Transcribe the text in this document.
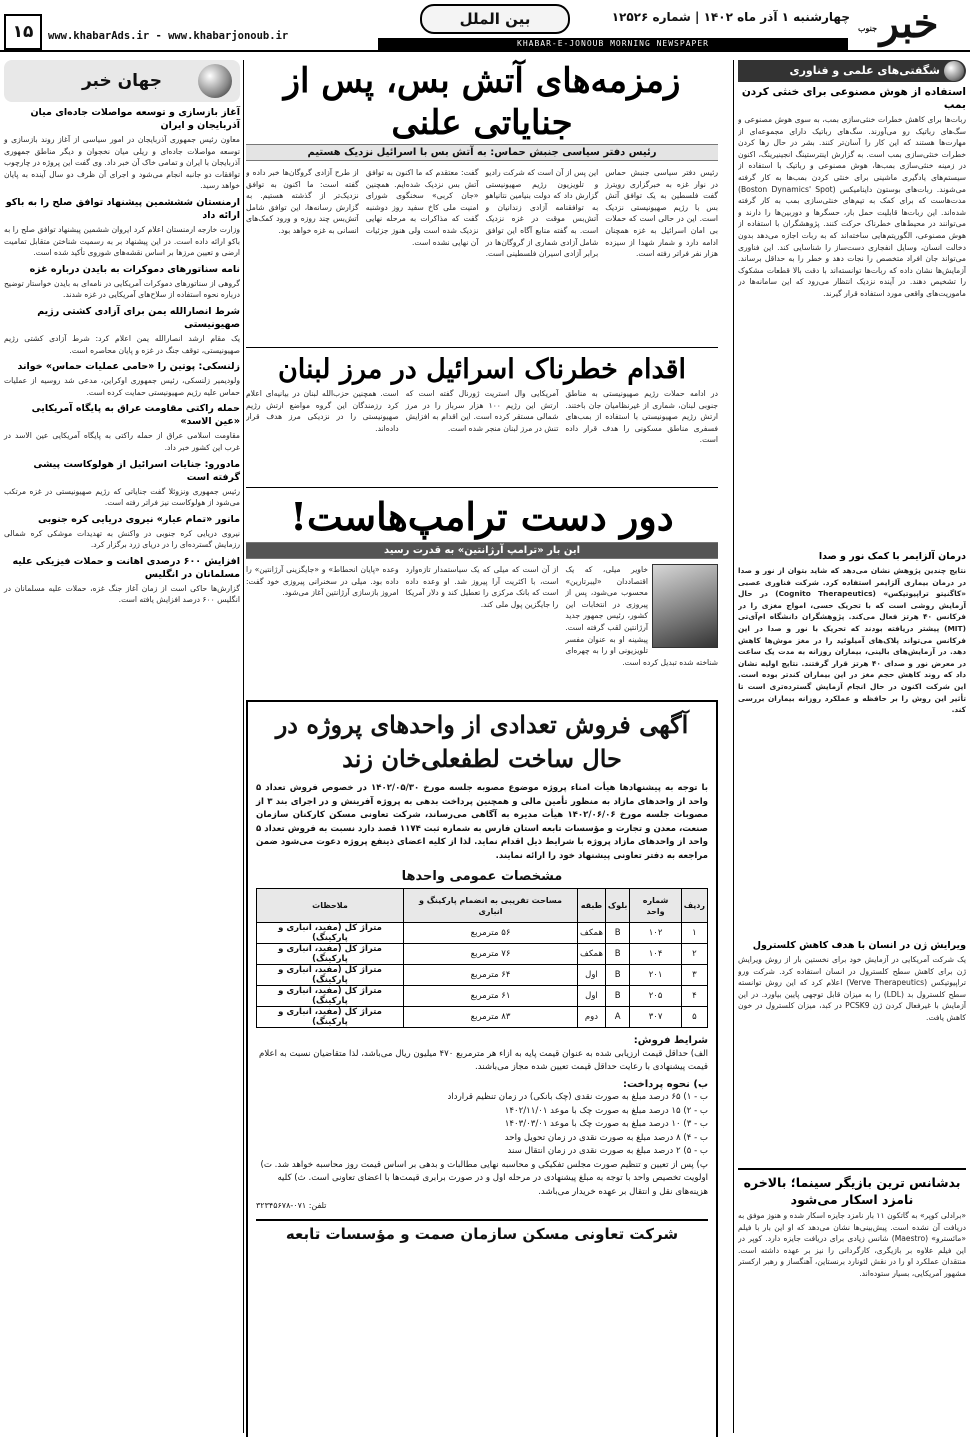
خبر
جنوب
چهارشنبه ۱ آذر ماه ۱۴۰۲ | شماره ۱۲۵۲۶
KHABAR-E-JONOUB MORNING NEWSPAPER
بین الملل
www.khabarAds.ir - www.khabarjonoub.ir
۱۵
شگفتی‌های علمی و فناوری
استفاده از هوش مصنوعی برای خنثی کردن بمب
ربات‌ها برای کاهش خطرات خنثی‌سازی بمب، به سوی هوش مصنوعی و سگ‌های رباتیک رو می‌آورند. سگ‌های رباتیک دارای مجموعه‌ای از مهارت‌ها هستند که این کار را آسان‌تر کنند. بشر در حال رها کردن خطرات خنثی‌سازی بمب است. به گزارش اینترستینگ انجینیرینگ، اکنون در زمینه خنثی‌سازی بمب‌ها، هوش مصنوعی و رباتیک با استفاده از سیستم‌های یادگیری ماشینی برای خنثی کردن بمب‌ها به کار گرفته می‌شوند. ربات‌های بوستون داینامیکس (Boston Dynamics' Spot) مدت‌هاست که برای کمک به تیم‌های خنثی‌سازی بمب به کار گرفته شده‌اند. این ربات‌ها قابلیت حمل بار، حسگرها و دوربین‌ها را دارند و می‌توانند در محیط‌های خطرناک حرکت کنند. پژوهشگران با استفاده از هوش مصنوعی، الگوریتم‌هایی ساخته‌اند که به ربات اجازه می‌دهد بدون دخالت انسان، وسایل انفجاری دست‌ساز را شناسایی کند. این فناوری می‌تواند جان افراد متخصص را نجات دهد و خطر را به حداقل برساند. آزمایش‌ها نشان داده که ربات‌ها توانسته‌اند با دقت بالا قطعات مشکوک را تشخیص دهند. در آینده نزدیک انتظار می‌رود که این سامانه‌ها در ماموریت‌های واقعی مورد استفاده قرار گیرند.
درمان آلزایمر با کمک نور و صدا
نتایج چندین پژوهش نشان می‌دهد که شاید بتوان از نور و صدا در درمان بیماری آلزایمر استفاده کرد. شرکت فناوری عصبی «کاگنیتو تراپیوتیکس» (Cognito Therapeutics) در حال آزمایش روشی است که با تحریک حسی، امواج مغزی را در فرکانس ۴۰ هرتز فعال می‌کند. پژوهشگران دانشگاه ام‌آی‌تی (MIT) پیشتر دریافته بودند که تحریک با نور و صدا در این فرکانس می‌تواند پلاک‌های آمیلوئید را در مغز موش‌ها کاهش دهد. در آزمایش‌های بالینی، بیماران روزانه به مدت یک ساعت در معرض نور و صدای ۴۰ هرتز قرار گرفتند. نتایج اولیه نشان داد که روند کاهش حجم مغز در این بیماران کندتر بوده است. این شرکت اکنون در حال انجام آزمایش گسترده‌تری است تا تأثیر این روش را بر حافظه و عملکرد روزانه بیماران بررسی کند.
ویرایش ژن در انسان با هدف کاهش کلسترول
یک شرکت آمریکایی در آزمایش خود برای نخستین بار از روش ویرایش ژن برای کاهش سطح کلسترول در انسان استفاده کرد. شرکت ورو تراپیوتیکس (Verve Therapeutics) اعلام کرد که این روش توانسته سطح کلسترول بد (LDL) را به میزان قابل توجهی پایین بیاورد. در این آزمایش با غیرفعال کردن ژن PCSK9 در کبد، میزان کلسترول در خون کاهش یافت.
بدشانس ترین بازیگر سینما؛ بالاخره نامزد اسکار می‌شود
«برادلی کوپر» به گاتکون ۱۱ بار نامزد جایزه اسکار شده و هنوز موفق به دریافت آن نشده است. پیش‌بینی‌ها نشان می‌دهد که او این بار با فیلم «مائسترو» (Maestro) شانس زیادی برای دریافت جایزه دارد. کوپر در این فیلم علاوه بر بازیگری، کارگردانی را نیز بر عهده داشته است. منتقدان عملکرد او را در نقش لئونارد برنستاین، آهنگساز و رهبر ارکستر مشهور آمریکایی، بسیار ستوده‌اند.
جهان خبر
آغاز بازسازی و توسعه مواصلات جاده‌ای میان آذربایجان و ایران
معاون رئیس جمهوری آذربایجان در امور سیاسی از آغاز روند بازسازی و توسعه مواصلات جاده‌ای و ریلی میان نخجوان و دیگر مناطق جمهوری آذربایجان با ایران و تمامی خاک آن خبر داد. وی گفت این پروژه در چارچوب توافقات دو جانبه انجام می‌شود و اجرای آن ظرف دو سال آینده به پایان خواهد رسید.
ارمنستان شششمین پیشنهاد توافق صلح را به باکو ارائه داد
وزارت خارجه ارمنستان اعلام کرد ایروان ششمین پیشنهاد توافق صلح را به باکو ارائه داده است. در این پیشنهاد بر به رسمیت شناختن متقابل تمامیت ارضی و تعیین مرزها بر اساس نقشه‌های شوروی تأکید شده است.
نامه سناتورهای دموکرات به بایدن درباره غزه
گروهی از سناتورهای دموکرات آمریکایی در نامه‌ای به بایدن خواستار توضیح درباره نحوه استفاده از سلاح‌های آمریکایی در غزه شدند.
شرط انصارالله یمن برای آزادی کشتی رژیم صهیونیستی
یک مقام ارشد انصارالله یمن اعلام کرد: شرط آزادی کشتی رژیم صهیونیستی، توقف جنگ در غزه و پایان محاصره است.
زلنسکی: پوتین را «حامی عملیات حماس» خواند
ولودیمیر زلنسکی، رئیس جمهوری اوکراین، مدعی شد روسیه از عملیات حماس علیه رژیم صهیونیستی حمایت کرده است.
حمله راکتی مقاومت عراق به پایگاه آمریکایی «عین الاسد»
مقاومت اسلامی عراق از حمله راکتی به پایگاه آمریکایی عین الاسد در غرب این کشور خبر داد.
مادورو: جنایات اسرائیل از هولوکاست پیشی گرفته است
رئیس جمهوری ونزوئلا گفت جنایاتی که رژیم صهیونیستی در غزه مرتکب می‌شود از هولوکاست نیز فراتر رفته است.
مانور «تمام عیار» نیروی دریایی کره جنوبی
نیروی دریایی کره جنوبی در واکنش به تهدیدات موشکی کره شمالی رزمایش گسترده‌ای را در دریای زرد برگزار کرد.
افزایش ۶۰۰ درصدی اهانت و حملات فیزیکی علیه مسلمانان در انگلیس
گزارش‌ها حاکی است از زمان آغاز جنگ غزه، حملات علیه مسلمانان در انگلیس ۶۰۰ درصد افزایش یافته است.
زمزمه‌های آتش بس، پس از جنایاتی علنی
رئیس دفتر سیاسی جنبش حماس: به آتش بس با اسرائیل نزدیک هستیم
رئیس دفتر سیاسی جنبش حماس در نوار غزه به خبرگزاری رویترز گفت فلسطین به یک توافق آتش بس با رژیم صهیونیستی نزدیک است. این در حالی است که حملات بی امان اسرائیل به غزه همچنان ادامه دارد و شمار شهدا از سیزده هزار نفر فراتر رفته است.
این پس از آن است که شرکت رادیو و تلویزیون رژیم صهیونیستی گزارش داد که دولت بنیامین نتانیاهو به توافقنامه آزادی زندانیان و آتش‌بس موقت در غزه نزدیک است. به گفته منابع آگاه این توافق شامل آزادی شماری از گروگان‌ها در برابر آزادی اسیران فلسطینی است.
گفت: معتقدم که ما اکنون به توافق آتش بس نزدیک شده‌ایم. همچنین «جان کربی» سخنگوی شورای امنیت ملی کاخ سفید روز دوشنبه گفت که مذاکرات به مرحله نهایی نزدیک شده است ولی هنوز جزئیات آن نهایی نشده است.
از طرح آزادی گروگان‌ها خبر داده و گفته است: ما اکنون به توافق نزدیک‌تر از گذشته هستیم. به گزارش رسانه‌ها، این توافق شامل آتش‌بس چند روزه و ورود کمک‌های انسانی به غزه خواهد بود.
اقدام خطرناک اسرائیل در مرز لبنان
در ادامه حملات رژیم صهیونیستی به مناطق جنوبی لبنان، شماری از غیرنظامیان جان باختند. ارتش رژیم صهیونیستی با استفاده از بمب‌های فسفری مناطق مسکونی را هدف قرار داده است.
آمریکایی وال استریت ژورنال گفته است که ارتش این رژیم ۱۰۰ هزار سرباز را در مرز شمالی مستقر کرده است. این اقدام به افزایش تنش در مرز لبنان منجر شده است.
است. همچنین حزب‌الله لبنان در بیانیه‌ای اعلام کرد رزمندگان این گروه مواضع ارتش رژیم صهیونیستی را در نزدیکی مرز هدف قرار داده‌اند.
دور دست ترامپ‌هاست!
این بار «ترامپ آرژانتین» به قدرت رسید
خاویر میلی، که یک اقتصاددان «لیبرتارین» محسوب می‌شود، پس از پیروزی در انتخابات این کشور، رئیس جمهور جدید آرژانتین لقب گرفته است. پیشینه او به عنوان مفسر تلویزیونی او را به چهره‌ای شناخته شده تبدیل کرده است.
از آن است که میلی که یک سیاستمدار تازه‌وارد است، با اکثریت آرا پیروز شد. او وعده داده است که بانک مرکزی را تعطیل کند و دلار آمریکا را جایگزین پول ملی کند.
وعده «پایان انحطاط» و «جایگزینی آرژانتین» را داده بود. میلی در سخنرانی پیروزی خود گفت: امروز بازسازی آرژانتین آغاز می‌شود.
آگهی فروش تعدادی از واحدهای پروژه در حال ساخت لطفعلی‌خان زند
با توجه به پیشنهادها هیأت امناء پروژه موضوع مصوبه جلسه مورخ ۱۴۰۲/۰۵/۳۰ در خصوص فروش تعداد ۵ واحد از واحدهای مازاد به منظور تأمین مالی و همچنین پرداخت بدهی به پروژه آفرینش و در اجرای بند ۳ از مصوبات جلسه مورخ ۱۴۰۲/۰۶/۰۶ هیأت مدیره به آگاهی می‌رساند، شرکت تعاونی مسکن کارکنان سازمان صنعت، معدن و تجارت و مؤسسات تابعه استان فارس به شماره ثبت ۱۱۷۴ قصد دارد نسبت به فروش تعداد ۵ واحد از واحدهای مازاد پروژه با شرایط ذیل اقدام نماید. لذا از کلیه اعضای ذینفع پروژه دعوت می‌شود ضمن مراجعه به دفتر تعاونی پیشنهاد خود را ارائه نمایند.
مشخصات عمومی واحدها
ردیف	شماره واحد	بلوک	طبقه	مساحت تقریبی به انضمام پارکینگ و انباری	ملاحظات
۱	۱۰۲	B	همکف	۵۶ مترمربع	متراژ کل (مفید، انباری و پارکینگ)
۲	۱۰۴	B	همکف	۷۶ مترمربع	متراژ کل (مفید، انباری و پارکینگ)
۳	۲۰۱	B	اول	۶۴ مترمربع	متراژ کل (مفید، انباری و پارکینگ)
۴	۲۰۵	B	اول	۶۱ مترمربع	متراژ کل (مفید، انباری و پارکینگ)
۵	۳۰۷	A	دوم	۸۳ مترمربع	متراژ کل (مفید، انباری و پارکینگ)
شرایط فروش:
الف) حداقل قیمت ارزیابی شده به عنوان قیمت پایه به ازاء هر مترمربع ۴۷۰ میلیون ریال می‌باشد، لذا متقاضیان نسبت به اعلام قیمت پیشنهادی با رعایت حداقل قیمت تعیین شده مجاز می‌باشند.
ب) نحوه پرداخت:
ب - ۱) ۶۵ درصد مبلغ به صورت نقدی (چک بانکی) در زمان تنظیم قرارداد
ب - ۲) ۱۵ درصد مبلغ به صورت چک با موعد ۱۴۰۲/۱۱/۰۱
ب - ۳) ۱۰ درصد مبلغ به صورت چک با موعد ۱۴۰۳/۰۳/۰۱
ب - ۴) ۸ درصد مبلغ به صورت نقدی در زمان تحویل واحد
ب - ۵) ۲ درصد مبلغ به صورت نقدی در زمان انتقال سند
پ) پس از تعیین و تنظیم صورت مجلس تفکیکی و محاسبه نهایی مطالبات و بدهی بر اساس قیمت روز محاسبه خواهد شد. ت) اولویت تخصیص واحد با توجه به مبلغ پیشنهادی در مرحله اول و در صورت برابری قیمت‌ها با اعضای تعاونی است. ث) کلیه هزینه‌های نقل و انتقال بر عهده خریدار می‌باشد.
تلفن: ۰۷۱-۳۲۳۴۵۶۷۸
شرکت تعاونی مسکن سازمان صمت و مؤسسات تابعه
